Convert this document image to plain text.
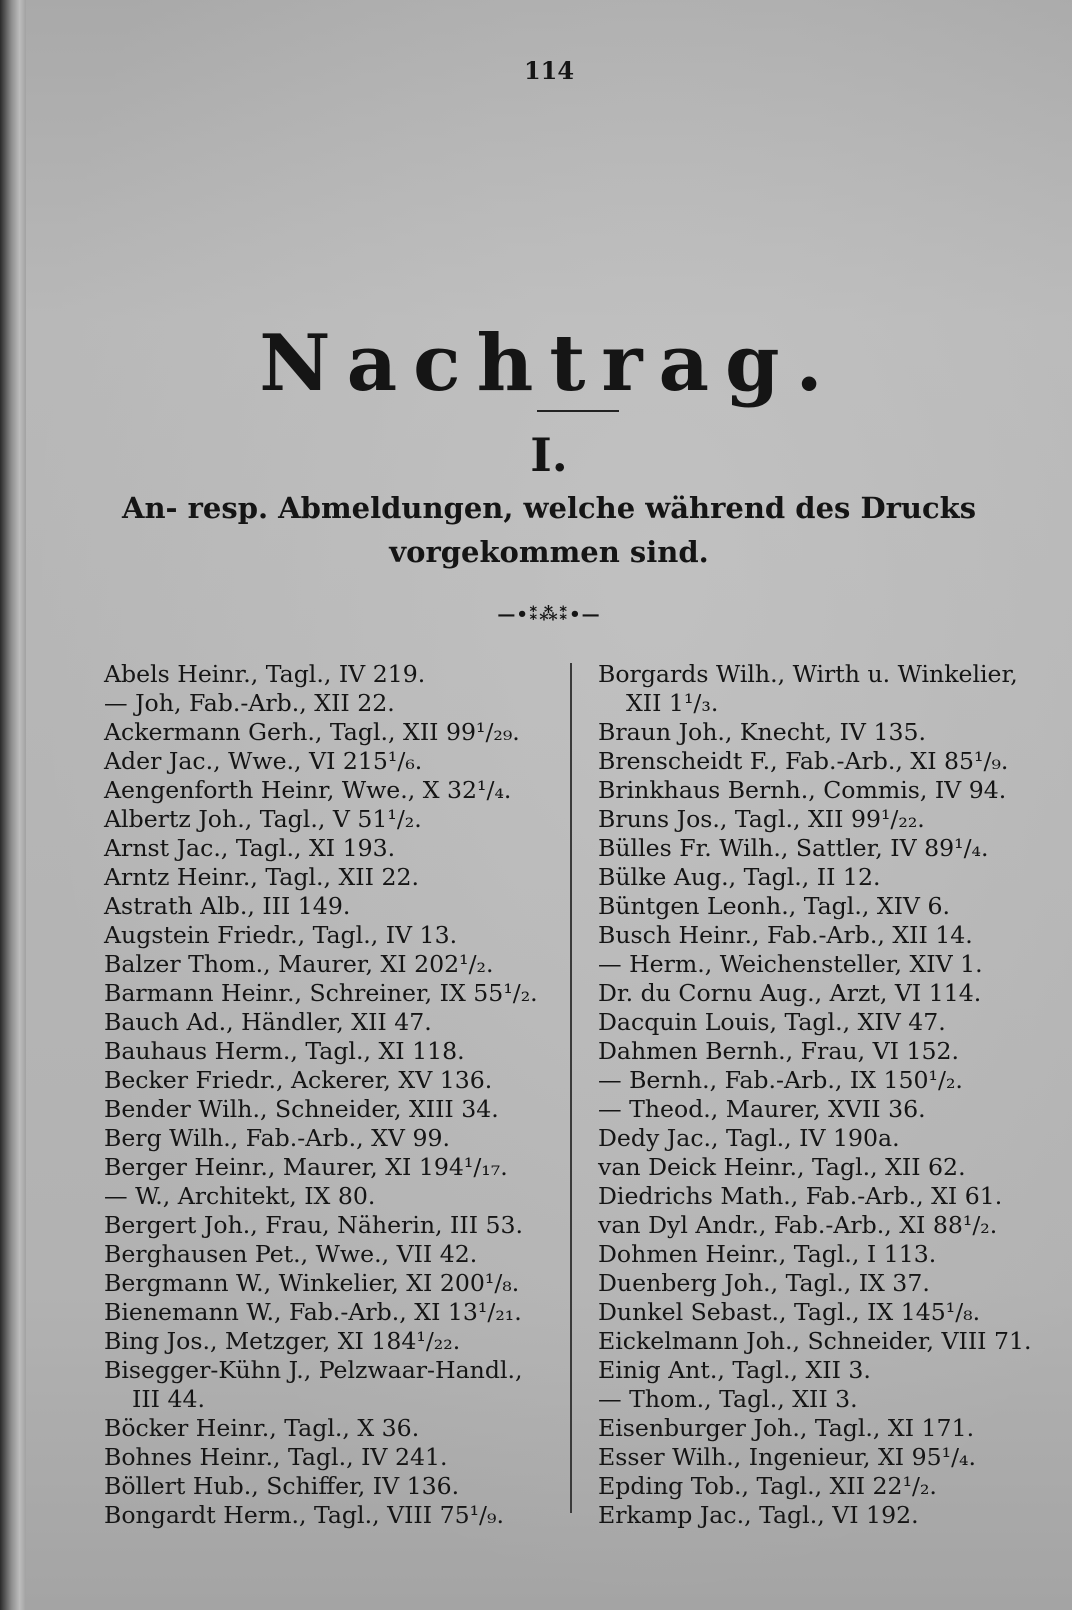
114
Nachtrag.
I.
An- resp. Abmeldungen, welche während des Drucks vorgekommen sind.
—•⁑⁂⁑•—
Abels Heinr., Tagl., IV 219.
— Joh, Fab.-Arb., XII 22.
Ackermann Gerh., Tagl., XII 99¹/₂₉.
Ader Jac., Wwe., VI 215¹/₆.
Aengenforth Heinr, Wwe., X 32¹/₄.
Albertz Joh., Tagl., V 51¹/₂.
Arnst Jac., Tagl., XI 193.
Arntz Heinr., Tagl., XII 22.
Astrath Alb., III 149.
Augstein Friedr., Tagl., IV 13.
Balzer Thom., Maurer, XI 202¹/₂.
Barmann Heinr., Schreiner, IX 55¹/₂.
Bauch Ad., Händler, XII 47.
Bauhaus Herm., Tagl., XI 118.
Becker Friedr., Ackerer, XV 136.
Bender Wilh., Schneider, XIII 34.
Berg Wilh., Fab.-Arb., XV 99.
Berger Heinr., Maurer, XI 194¹/₁₇.
— W., Architekt, IX 80.
Bergert Joh., Frau, Näherin, III 53.
Berghausen Pet., Wwe., VII 42.
Bergmann W., Winkelier, XI 200¹/₈.
Bienemann W., Fab.-Arb., XI 13¹/₂₁.
Bing Jos., Metzger, XI 184¹/₂₂.
Bisegger-Kühn J., Pelzwaar-Handl.,
III 44.
Böcker Heinr., Tagl., X 36.
Bohnes Heinr., Tagl., IV 241.
Böllert Hub., Schiffer, IV 136.
Bongardt Herm., Tagl., VIII 75¹/₉.
Borgards Wilh., Wirth u. Winkelier,
XII 1¹/₃.
Braun Joh., Knecht, IV 135.
Brenscheidt F., Fab.-Arb., XI 85¹/₉.
Brinkhaus Bernh., Commis, IV 94.
Bruns Jos., Tagl., XII 99¹/₂₂.
Bülles Fr. Wilh., Sattler, IV 89¹/₄.
Bülke Aug., Tagl., II 12.
Büntgen Leonh., Tagl., XIV 6.
Busch Heinr., Fab.-Arb., XII 14.
— Herm., Weichensteller, XIV 1.
Dr. du Cornu Aug., Arzt, VI 114.
Dacquin Louis, Tagl., XIV 47.
Dahmen Bernh., Frau, VI 152.
— Bernh., Fab.-Arb., IX 150¹/₂.
— Theod., Maurer, XVII 36.
Dedy Jac., Tagl., IV 190a.
van Deick Heinr., Tagl., XII 62.
Diedrichs Math., Fab.-Arb., XI 61.
van Dyl Andr., Fab.-Arb., XI 88¹/₂.
Dohmen Heinr., Tagl., I 113.
Duenberg Joh., Tagl., IX 37.
Dunkel Sebast., Tagl., IX 145¹/₈.
Eickelmann Joh., Schneider, VIII 71.
Einig Ant., Tagl., XII 3.
— Thom., Tagl., XII 3.
Eisenburger Joh., Tagl., XI 171.
Esser Wilh., Ingenieur, XI 95¹/₄.
Epding Tob., Tagl., XII 22¹/₂.
Erkamp Jac., Tagl., VI 192.
